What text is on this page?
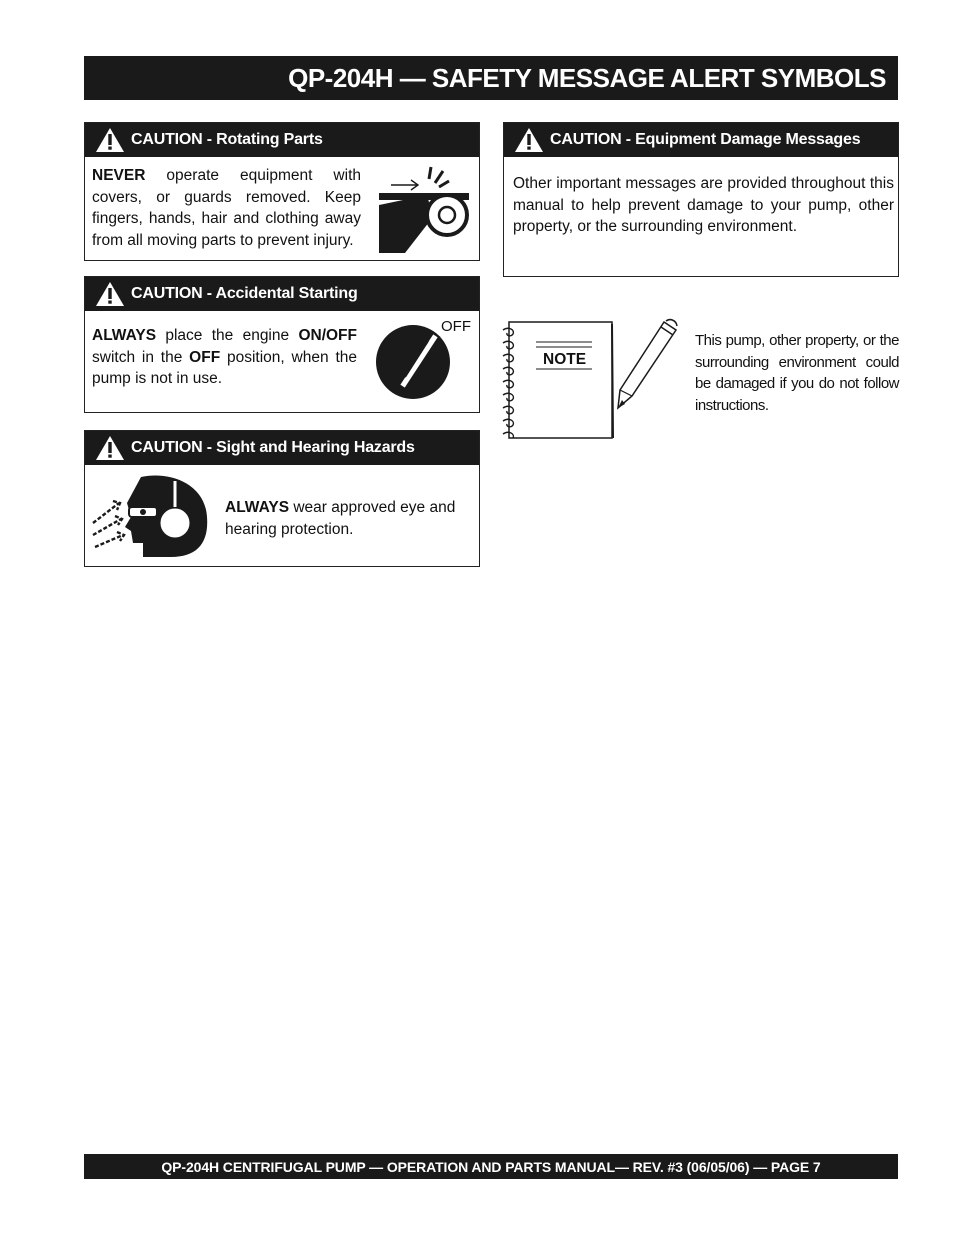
QP-204H — SAFETY MESSAGE ALERT SYMBOLS
CAUTION - Rotating Parts
NEVER operate equipment with covers, or guards removed. Keep fingers, hands, hair and clothing away from all moving parts to prevent injury.
CAUTION - Accidental Starting
ALWAYS place the engine ON/OFF switch in the OFF position, when the pump is not in use.
OFF
CAUTION - Sight and Hearing Hazards
ALWAYS wear approved eye and hearing protection.
CAUTION - Equipment Damage Messages
Other important messages are provided throughout this manual to help prevent damage to your pump, other property, or the surrounding environment.
NOTE
This pump, other property, or the surrounding environment could be damaged if you do not follow instructions.
QP-204H CENTRIFUGAL PUMP — OPERATION AND PARTS MANUAL— REV. #3 (06/05/06) — PAGE 7
